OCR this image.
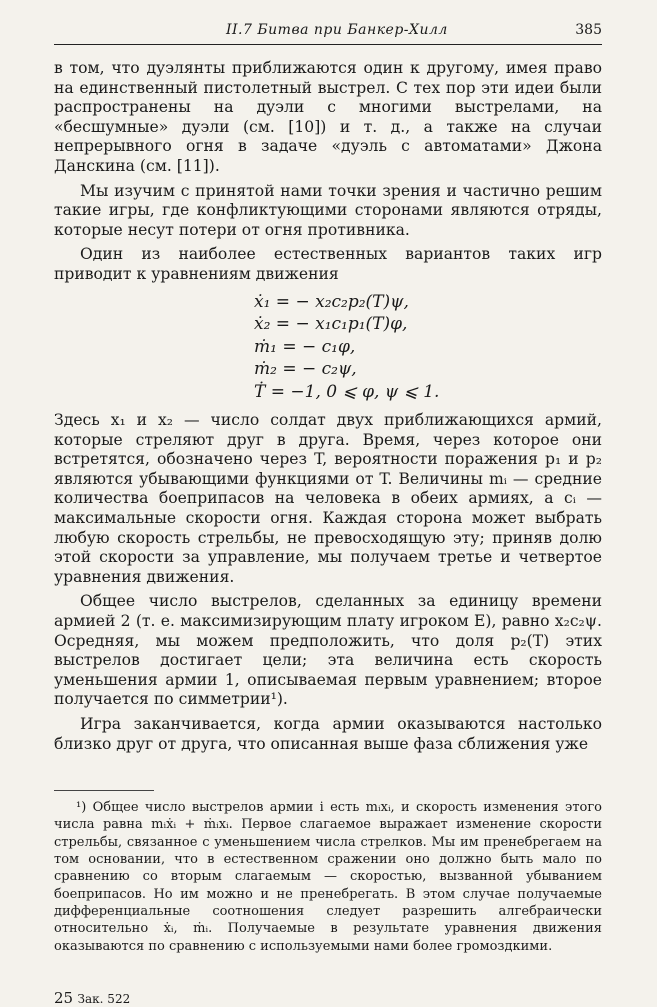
II.7 Битва при Банкер-Хилл	385

в том, что дуэлянты приближаются один к другому, имея право на единственный пистолетный выстрел. С тех пор эти идеи были распространены на дуэли с многими выстрелами, на «бесшумные» дуэли (см. [10]) и т. д., а также на случаи непрерывного огня в задаче «дуэль с автоматами» Джона Данскина (см. [11]).

Мы изучим с принятой нами точки зрения и частично решим такие игры, где конфликтующими сторонами являются отряды, которые несут потери от огня противника.

Один из наиболее естественных вариантов таких игр приводит к уравнениям движения

ẋ₁ = − x₂c₂p₂(T)ψ,
ẋ₂ = − x₁c₁p₁(T)φ,
ṁ₁ = − c₁φ,
ṁ₂ = − c₂ψ,
Ṫ = −1, 0 ⩽ φ, ψ ⩽ 1.

Здесь x₁ и x₂ — число солдат двух приближающихся армий, которые стреляют друг в друга. Время, через которое они встретятся, обозначено через T, вероятности поражения p₁ и p₂ являются убывающими функциями от T. Величины mᵢ — средние количества боеприпасов на человека в обеих армиях, а cᵢ — максимальные скорости огня. Каждая сторона может выбрать любую скорость стрельбы, не превосходящую эту; приняв долю этой скорости за управление, мы получаем третье и четвертое уравнения движения.

Общее число выстрелов, сделанных за единицу времени армией 2 (т. е. максимизирующим плату игроком E), равно x₂c₂ψ. Осредняя, мы можем предположить, что доля p₂(T) этих выстрелов достигает цели; эта величина есть скорость уменьшения армии 1, описываемая первым уравнением; второе получается по симметрии¹).

Игра заканчивается, когда армии оказываются настолько близко друг от друга, что описанная выше фаза сближения уже

¹) Общее число выстрелов армии i есть mᵢxᵢ, и скорость изменения этого числа равна mᵢẋᵢ + ṁᵢxᵢ. Первое слагаемое выражает изменение скорости стрельбы, связанное с уменьшением числа стрелков. Мы им пренебрегаем на том основании, что в естественном сражении оно должно быть мало по сравнению со вторым слагаемым — скоростью, вызванной убыванием боеприпасов. Но им можно и не пренебрегать. В этом случае получаемые дифференциальные соотношения следует разрешить алгебраически относительно ẋᵢ, ṁᵢ. Получаемые в результате уравнения движения оказываются по сравнению с используемыми нами более громоздкими.
25 Зак. 522
